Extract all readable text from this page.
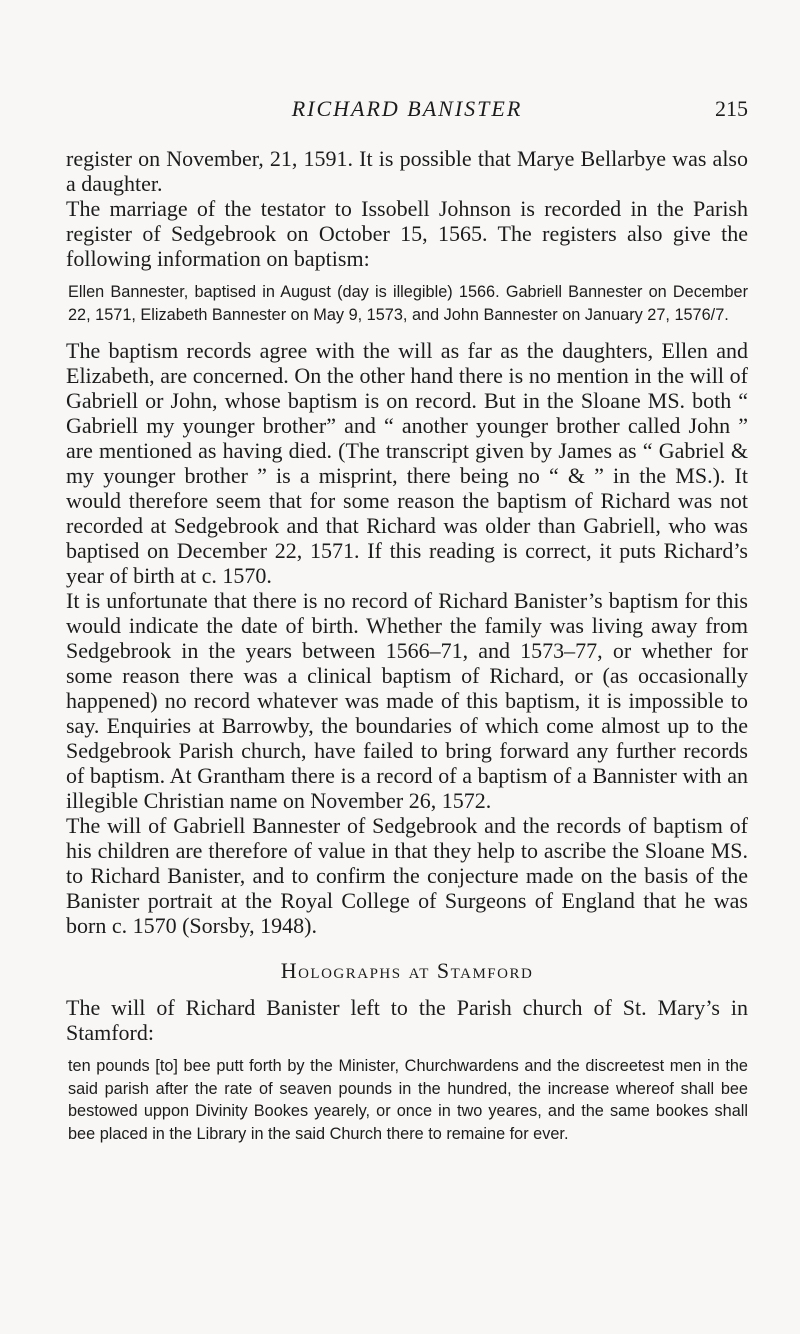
RICHARD BANISTER	215

register on November, 21, 1591. It is possible that Marye Bellarbye was also a daughter.

The marriage of the testator to Issobell Johnson is recorded in the Parish register of Sedgebrook on October 15, 1565. The registers also give the following information on baptism:

Ellen Bannester, baptised in August (day is illegible) 1566. Gabriell Bannester on December 22, 1571, Elizabeth Bannester on May 9, 1573, and John Bannester on January 27, 1576/7.

The baptism records agree with the will as far as the daughters, Ellen and Elizabeth, are concerned. On the other hand there is no mention in the will of Gabriell or John, whose baptism is on record. But in the Sloane MS. both “ Gabriell my younger brother” and “ another younger brother called John ” are mentioned as having died. (The transcript given by James as “ Gabriel & my younger brother ” is a misprint, there being no “ & ” in the MS.). It would therefore seem that for some reason the baptism of Richard was not recorded at Sedgebrook and that Richard was older than Gabriell, who was baptised on December 22, 1571. If this reading is correct, it puts Richard’s year of birth at c. 1570.

It is unfortunate that there is no record of Richard Banister’s baptism for this would indicate the date of birth. Whether the family was living away from Sedgebrook in the years between 1566–71, and 1573–77, or whether for some reason there was a clinical baptism of Richard, or (as occasionally happened) no record whatever was made of this baptism, it is impossible to say. Enquiries at Barrowby, the boundaries of which come almost up to the Sedgebrook Parish church, have failed to bring forward any further records of baptism. At Grantham there is a record of a baptism of a Bannister with an illegible Christian name on November 26, 1572.

The will of Gabriell Bannester of Sedgebrook and the records of baptism of his children are therefore of value in that they help to ascribe the Sloane MS. to Richard Banister, and to confirm the conjecture made on the basis of the Banister portrait at the Royal College of Surgeons of England that he was born c. 1570 (Sorsby, 1948).

Holographs at Stamford

The will of Richard Banister left to the Parish church of St. Mary’s in Stamford:

ten pounds [to] bee putt forth by the Minister, Churchwardens and the discreetest men in the said parish after the rate of seaven pounds in the hundred, the increase whereof shall bee bestowed uppon Divinity Bookes yearely, or once in two yeares, and the same bookes shall bee placed in the Library in the said Church there to remaine for ever.
